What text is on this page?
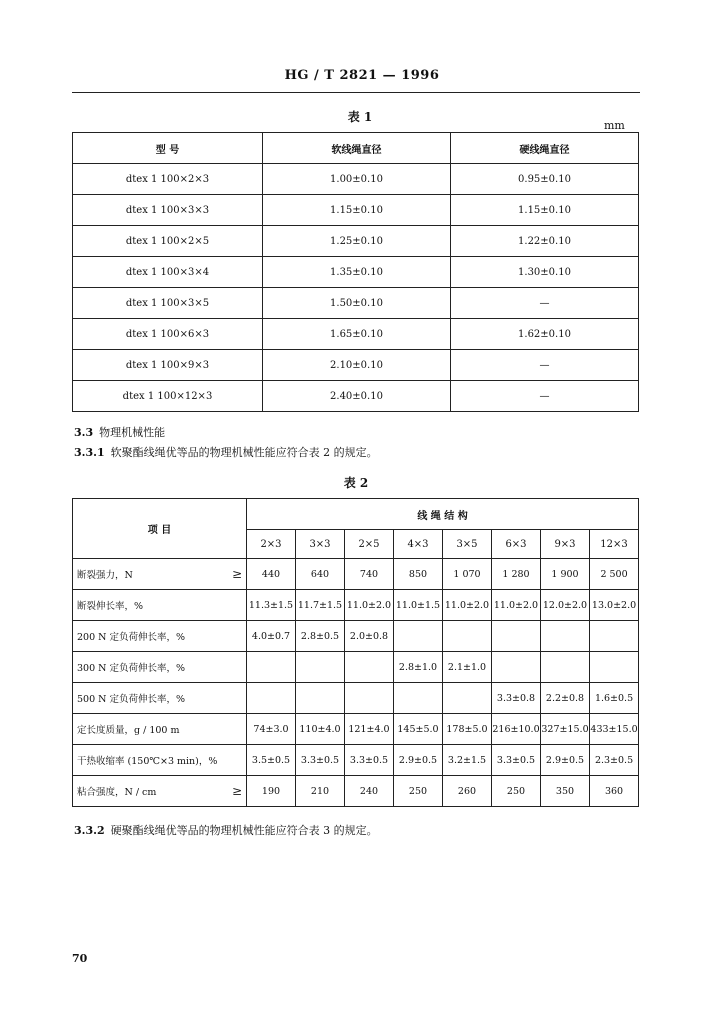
HG / T 2821 — 1996
表 1
mm
型 号	软线绳直径	硬线绳直径
dtex 1 100×2×3	1.00±0.10	0.95±0.10
dtex 1 100×3×3	1.15±0.10	1.15±0.10
dtex 1 100×2×5	1.25±0.10	1.22±0.10
dtex 1 100×3×4	1.35±0.10	1.30±0.10
dtex 1 100×3×5	1.50±0.10	—
dtex 1 100×6×3	1.65±0.10	1.62±0.10
dtex 1 100×9×3	2.10±0.10	—
dtex 1 100×12×3	2.40±0.10	—
3.3 物理机械性能
3.3.1 软聚酯线绳优等品的物理机械性能应符合表 2 的规定。
表 2
项 目	线 绳 结 构							
	2×3	3×3	2×5	4×3	3×5	6×3	9×3	12×3
断裂强力，N ≥	440	640	740	850	1 070	1 280	1 900	2 500
断裂伸长率，%	11.3±1.5	11.7±1.5	11.0±2.0	11.0±1.5	11.0±2.0	11.0±2.0	12.0±2.0	13.0±2.0
200 N 定负荷伸长率，%	4.0±0.7	2.8±0.5	2.0±0.8					
300 N 定负荷伸长率，%				2.8±1.0	2.1±1.0			
500 N 定负荷伸长率，%						3.3±0.8	2.2±0.8	1.6±0.5
定长度质量，g / 100 m	74±3.0	110±4.0	121±4.0	145±5.0	178±5.0	216±10.0	327±15.0	433±15.0
干热收缩率 (150℃×3 min)，%	3.5±0.5	3.3±0.5	3.3±0.5	2.9±0.5	3.2±1.5	3.3±0.5	2.9±0.5	2.3±0.5
粘合强度，N / cm ≥	190	210	240	250	260	250	350	360
3.3.2 硬聚酯线绳优等品的物理机械性能应符合表 3 的规定。
70
